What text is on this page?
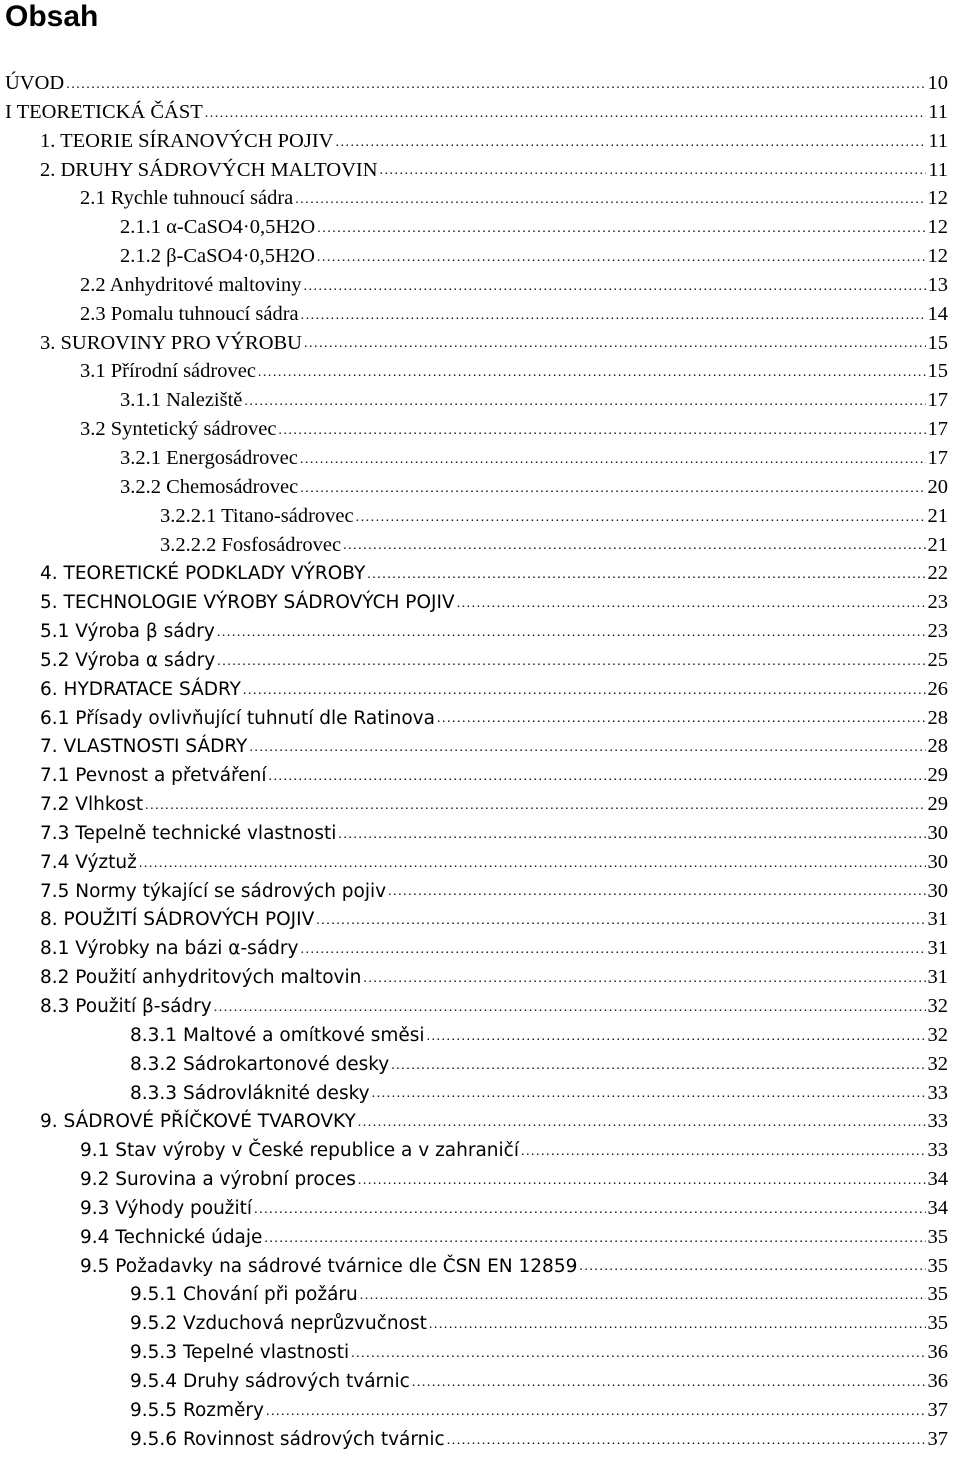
Obsah
ÚVOD .....	10
I TEORETICKÁ ČÁST .....	11
1. TEORIE SÍRANOVÝCH POJIV .....	11
2. DRUHY SÁDROVÝCH MALTOVIN .....	11
2.1 Rychle tuhnoucí sádra .....	12
2.1.1 α-CaSO4·0,5H2O .....	12
2.1.2 β-CaSO4·0,5H2O .....	12
2.2 Anhydritové maltoviny .....	13
2.3 Pomalu tuhnoucí sádra .....	14
3. SUROVINY PRO VÝROBU .....	15
3.1 Přírodní sádrovec .....	15
3.1.1 Naleziště .....	17
3.2 Syntetický sádrovec .....	17
3.2.1 Energosádrovec .....	17
3.2.2 Chemosádrovec .....	20
3.2.2.1 Titano-sádrovec .....	21
3.2.2.2 Fosfosádrovec .....	21
4. TEORETICKÉ PODKLADY VÝROBY .....	22
5. TECHNOLOGIE VÝROBY SÁDROVÝCH POJIV .....	23
5.1 Výroba β sádry .....	23
5.2 Výroba α sádry .....	25
6. HYDRATACE SÁDRY .....	26
6.1 Přísady ovlivňující tuhnutí dle Ratinova .....	28
7. VLASTNOSTI SÁDRY .....	28
7.1 Pevnost a přetváření .....	29
7.2 Vlhkost .....	29
7.3 Tepelně technické vlastnosti .....	30
7.4 Výztuž .....	30
7.5 Normy týkající se sádrových pojiv .....	30
8. POUŽITÍ SÁDROVÝCH POJIV .....	31
8.1 Výrobky na bázi α-sádry .....	31
8.2 Použití anhydritových maltovin .....	31
8.3 Použití β-sádry .....	32
8.3.1 Maltové a omítkové směsi .....	32
8.3.2 Sádrokartonové desky .....	32
8.3.3 Sádrovláknité desky .....	33
9. SÁDROVÉ PŘÍČKOVÉ TVAROVKY .....	33
9.1 Stav výroby v České republice a v zahraničí .....	33
9.2 Surovina a výrobní proces .....	34
9.3 Výhody použití .....	34
9.4 Technické údaje .....	35
9.5 Požadavky na sádrové tvárnice dle ČSN EN 12859 .....	35
9.5.1 Chování při požáru .....	35
9.5.2 Vzduchová neprůzvučnost .....	35
9.5.3 Tepelné vlastnosti .....	36
9.5.4 Druhy sádrových tvárnic .....	36
9.5.5 Rozměry .....	37
9.5.6 Rovinnost sádrových tvárnic .....	37
